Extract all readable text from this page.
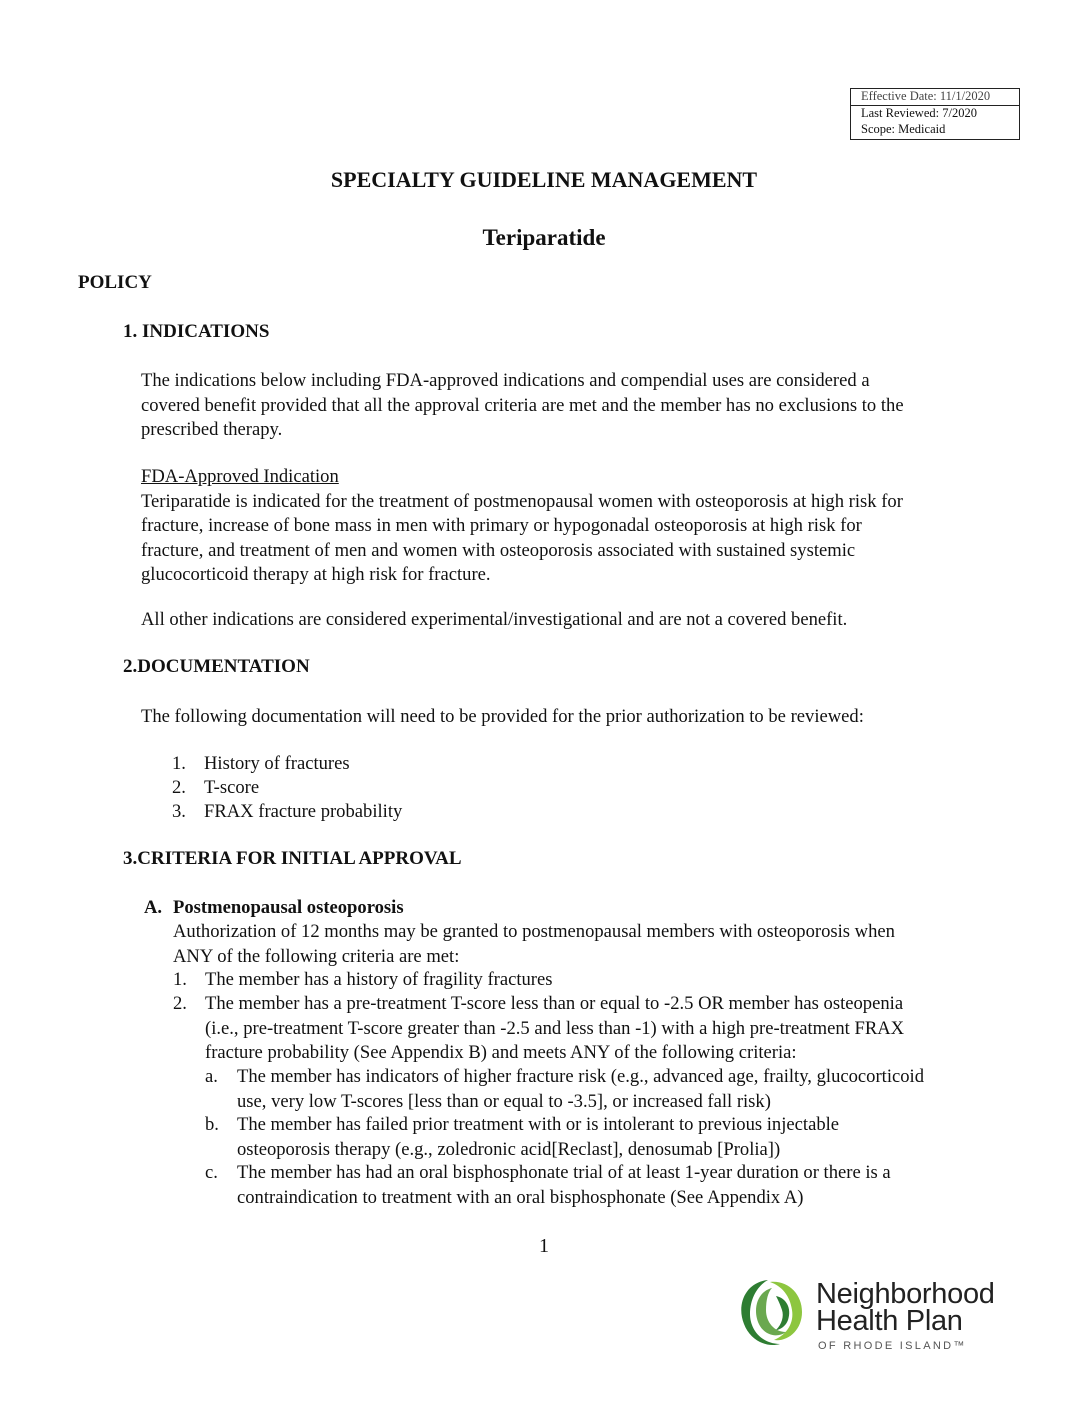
Effective Date: 11/1/2020
Last Reviewed: 7/2020
Scope: Medicaid
SPECIALTY GUIDELINE MANAGEMENT
Teriparatide
POLICY
1. INDICATIONS
The indications below including FDA-approved indications and compendial uses are considered a
covered benefit provided that all the approval criteria are met and the member has no exclusions to the
prescribed therapy.
FDA-Approved Indication
Teriparatide is indicated for the treatment of postmenopausal women with osteoporosis at high risk for
fracture, increase of bone mass in men with primary or hypogonadal osteoporosis at high risk for
fracture, and treatment of men and women with osteoporosis associated with sustained systemic
glucocorticoid therapy at high risk for fracture.
All other indications are considered experimental/investigational and are not a covered benefit.
2.DOCUMENTATION
The following documentation will need to be provided for the prior authorization to be reviewed:
1. History of fractures
2. T-score
3. FRAX fracture probability
3.CRITERIA FOR INITIAL APPROVAL
A. Postmenopausal osteoporosis
Authorization of 12 months may be granted to postmenopausal members with osteoporosis when
ANY of the following criteria are met:
1. The member has a history of fragility fractures
2. The member has a pre-treatment T-score less than or equal to -2.5 OR member has osteopenia
(i.e., pre-treatment T-score greater than -2.5 and less than -1) with a high pre-treatment FRAX
fracture probability (See Appendix B) and meets ANY of the following criteria:
a. The member has indicators of higher fracture risk (e.g., advanced age, frailty, glucocorticoid
use, very low T-scores [less than or equal to -3.5], or increased fall risk)
b. The member has failed prior treatment with or is intolerant to previous injectable
osteoporosis therapy (e.g., zoledronic acid[Reclast], denosumab [Prolia])
c. The member has had an oral bisphosphonate trial of at least 1-year duration or there is a
contraindication to treatment with an oral bisphosphonate (See Appendix A)
1
Neighborhood
Health Plan
OF RHODE ISLAND™
